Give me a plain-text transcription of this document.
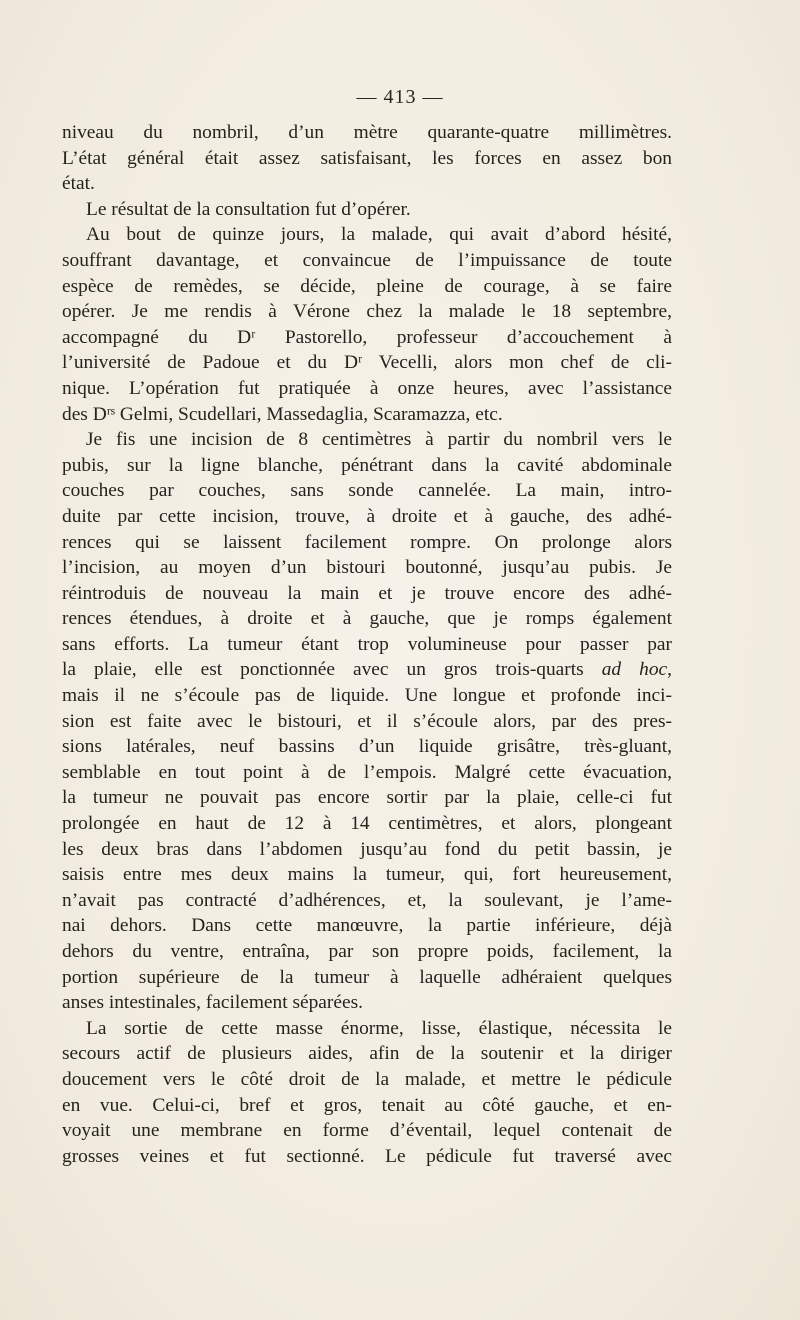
— 413 —
niveau du nombril, d’un mètre quarante-quatre millimètres.
L’état général était assez satisfaisant, les forces en assez bon
état.
Le résultat de la consultation fut d’opérer.
Au bout de quinze jours, la malade, qui avait d’abord hésité,
souffrant davantage, et convaincue de l’impuissance de toute
espèce de remèdes, se décide, pleine de courage, à se faire
opérer. Je me rendis à Vérone chez la malade le 18 septembre,
accompagné du Dʳ Pastorello, professeur d’accouchement à
l’université de Padoue et du Dʳ Vecelli, alors mon chef de cli-
nique. L’opération fut pratiquée à onze heures, avec l’assistance
des Dʳˢ Gelmi, Scudellari, Massedaglia, Scaramazza, etc.
Je fis une incision de 8 centimètres à partir du nombril vers le
pubis, sur la ligne blanche, pénétrant dans la cavité abdominale
couches par couches, sans sonde cannelée. La main, intro-
duite par cette incision, trouve, à droite et à gauche, des adhé-
rences qui se laissent facilement rompre. On prolonge alors
l’incision, au moyen d’un bistouri boutonné, jusqu’au pubis. Je
réintroduis de nouveau la main et je trouve encore des adhé-
rences étendues, à droite et à gauche, que je romps également
sans efforts. La tumeur étant trop volumineuse pour passer par
la plaie, elle est ponctionnée avec un gros trois-quarts ad hoc,
mais il ne s’écoule pas de liquide. Une longue et profonde inci-
sion est faite avec le bistouri, et il s’écoule alors, par des pres-
sions latérales, neuf bassins d’un liquide grisâtre, très-gluant,
semblable en tout point à de l’empois. Malgré cette évacuation,
la tumeur ne pouvait pas encore sortir par la plaie, celle-ci fut
prolongée en haut de 12 à 14 centimètres, et alors, plongeant
les deux bras dans l’abdomen jusqu’au fond du petit bassin, je
saisis entre mes deux mains la tumeur, qui, fort heureusement,
n’avait pas contracté d’adhérences, et, la soulevant, je l’ame-
nai dehors. Dans cette manœuvre, la partie inférieure, déjà
dehors du ventre, entraîna, par son propre poids, facilement, la
portion supérieure de la tumeur à laquelle adhéraient quelques
anses intestinales, facilement séparées.
La sortie de cette masse énorme, lisse, élastique, nécessita le
secours actif de plusieurs aides, afin de la soutenir et la diriger
doucement vers le côté droit de la malade, et mettre le pédicule
en vue. Celui-ci, bref et gros, tenait au côté gauche, et en-
voyait une membrane en forme d’éventail, lequel contenait de
grosses veines et fut sectionné. Le pédicule fut traversé avec
